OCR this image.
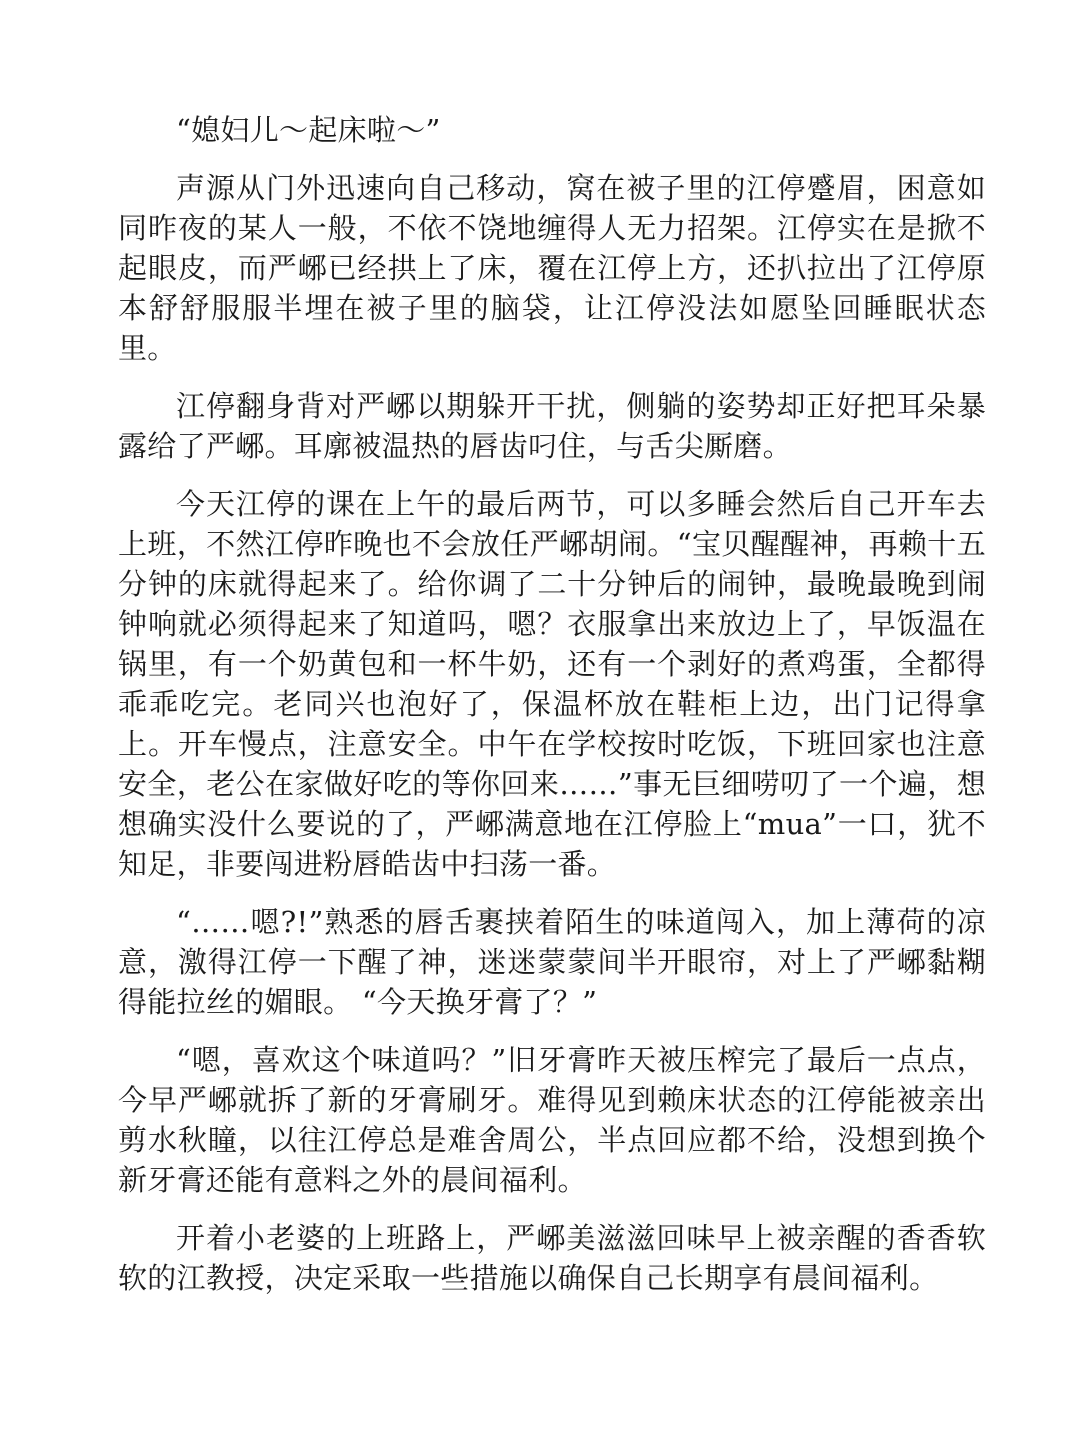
“媳妇儿～起床啦～”

声源从门外迅速向自己移动，窝在被子里的江停蹙眉，困意如同昨夜的某人一般，不依不饶地缠得人无力招架。江停实在是掀不起眼皮，而严峫已经拱上了床，覆在江停上方，还扒拉出了江停原本舒舒服服半埋在被子里的脑袋，让江停没法如愿坠回睡眠状态里。

江停翻身背对严峫以期躲开干扰，侧躺的姿势却正好把耳朵暴露给了严峫。耳廓被温热的唇齿叼住，与舌尖厮磨。

今天江停的课在上午的最后两节，可以多睡会然后自己开车去上班，不然江停昨晚也不会放任严峫胡闹。“宝贝醒醒神，再赖十五分钟的床就得起来了。给你调了二十分钟后的闹钟，最晚最晚到闹钟响就必须得起来了知道吗，嗯？衣服拿出来放边上了，早饭温在锅里，有一个奶黄包和一杯牛奶，还有一个剥好的煮鸡蛋，全都得乖乖吃完。老同兴也泡好了，保温杯放在鞋柜上边，出门记得拿上。开车慢点，注意安全。中午在学校按时吃饭，下班回家也注意安全，老公在家做好吃的等你回来……”事无巨细唠叨了一个遍，想想确实没什么要说的了，严峫满意地在江停脸上“mua”一口，犹不知足，非要闯进粉唇皓齿中扫荡一番。

“……嗯?!”熟悉的唇舌裹挟着陌生的味道闯入，加上薄荷的凉意，激得江停一下醒了神，迷迷蒙蒙间半开眼帘，对上了严峫黏糊得能拉丝的媚眼。 “今天换牙膏了？”

“嗯，喜欢这个味道吗？”旧牙膏昨天被压榨完了最后一点点，今早严峫就拆了新的牙膏刷牙。难得见到赖床状态的江停能被亲出剪水秋瞳，以往江停总是难舍周公，半点回应都不给，没想到换个新牙膏还能有意料之外的晨间福利。

开着小老婆的上班路上，严峫美滋滋回味早上被亲醒的香香软软的江教授，决定采取一些措施以确保自己长期享有晨间福利。
